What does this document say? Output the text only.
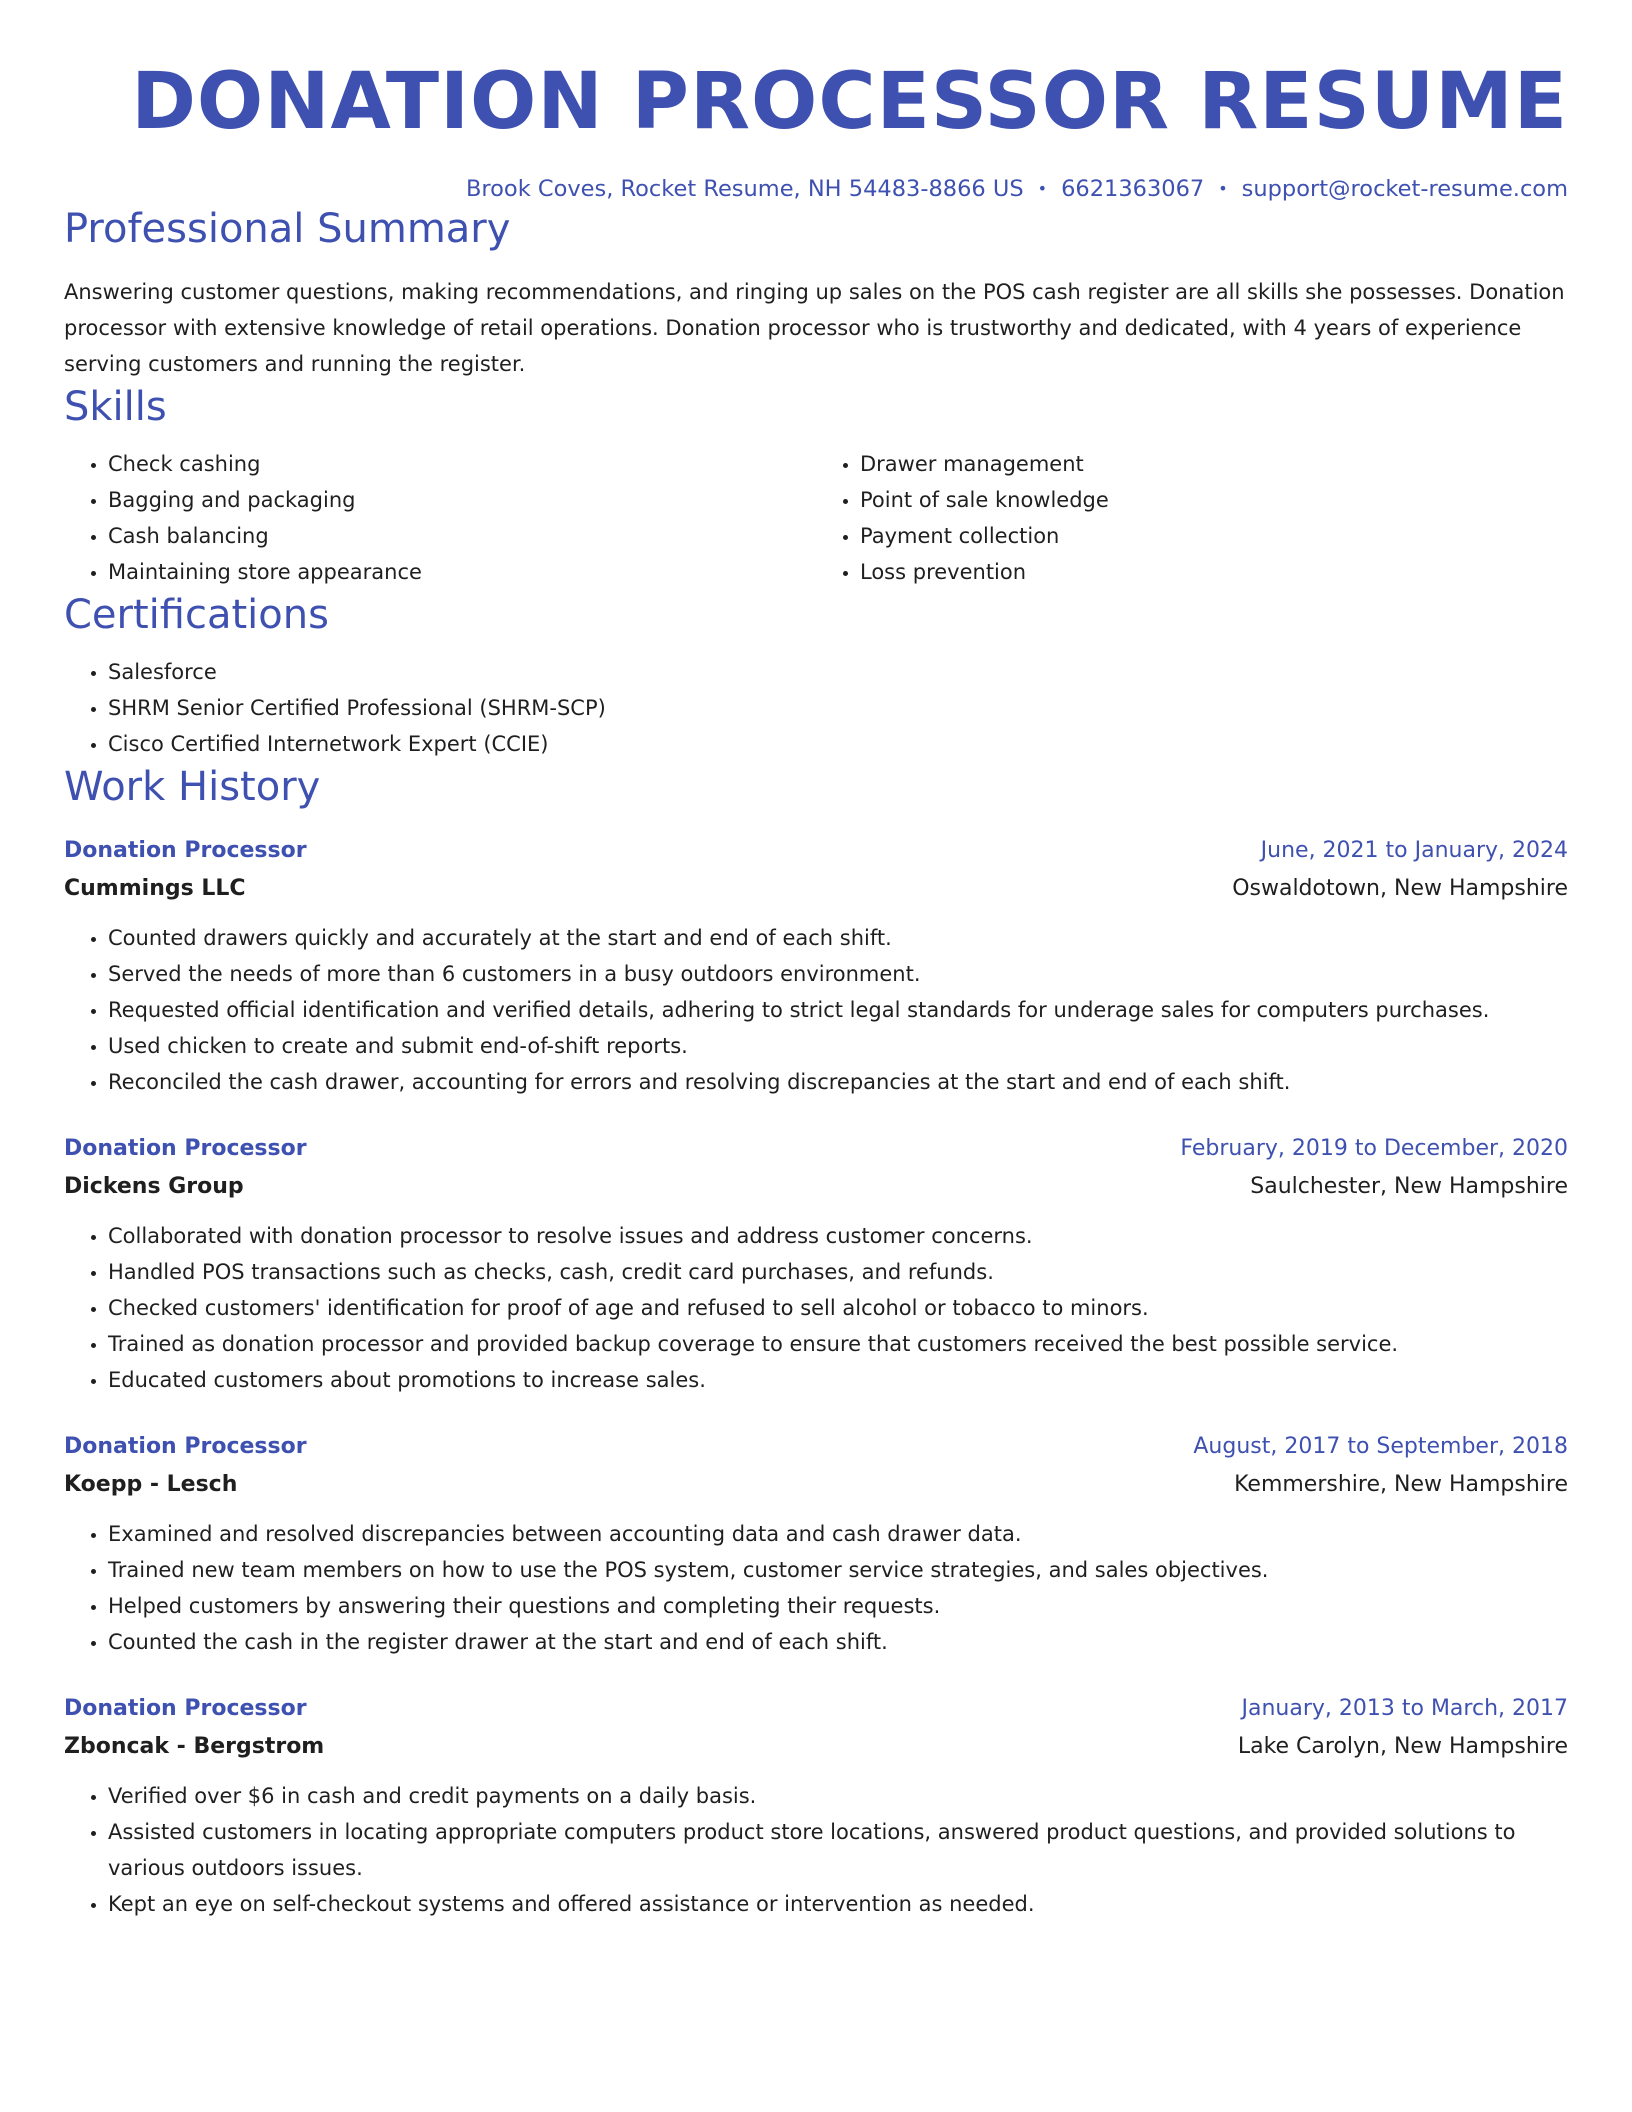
DONATION PROCESSOR RESUME
Brook Coves, Rocket Resume, NH 54483-8866 US • 6621363067 • support@rocket-resume.com
Professional Summary
Answering customer questions, making recommendations, and ringing up sales on the POS cash register are all skills she possesses. Donation processor with extensive knowledge of retail operations. Donation processor who is trustworthy and dedicated, with 4 years of experience serving customers and running the register.
Skills
• Check cashing
• Bagging and packaging
• Cash balancing
• Maintaining store appearance
• Drawer management
• Point of sale knowledge
• Payment collection
• Loss prevention
Certifications
• Salesforce
• SHRM Senior Certified Professional (SHRM-SCP)
• Cisco Certified Internetwork Expert (CCIE)
Work History
Donation Processor	June, 2021 to January, 2024
Cummings LLC	Oswaldotown, New Hampshire
• Counted drawers quickly and accurately at the start and end of each shift.
• Served the needs of more than 6 customers in a busy outdoors environment.
• Requested official identification and verified details, adhering to strict legal standards for underage sales for computers purchases.
• Used chicken to create and submit end-of-shift reports.
• Reconciled the cash drawer, accounting for errors and resolving discrepancies at the start and end of each shift.
Donation Processor	February, 2019 to December, 2020
Dickens Group	Saulchester, New Hampshire
• Collaborated with donation processor to resolve issues and address customer concerns.
• Handled POS transactions such as checks, cash, credit card purchases, and refunds.
• Checked customers' identification for proof of age and refused to sell alcohol or tobacco to minors.
• Trained as donation processor and provided backup coverage to ensure that customers received the best possible service.
• Educated customers about promotions to increase sales.
Donation Processor	August, 2017 to September, 2018
Koepp - Lesch	Kemmershire, New Hampshire
• Examined and resolved discrepancies between accounting data and cash drawer data.
• Trained new team members on how to use the POS system, customer service strategies, and sales objectives.
• Helped customers by answering their questions and completing their requests.
• Counted the cash in the register drawer at the start and end of each shift.
Donation Processor	January, 2013 to March, 2017
Zboncak - Bergstrom	Lake Carolyn, New Hampshire
• Verified over $6 in cash and credit payments on a daily basis.
• Assisted customers in locating appropriate computers product store locations, answered product questions, and provided solutions to various outdoors issues.
• Kept an eye on self-checkout systems and offered assistance or intervention as needed.
